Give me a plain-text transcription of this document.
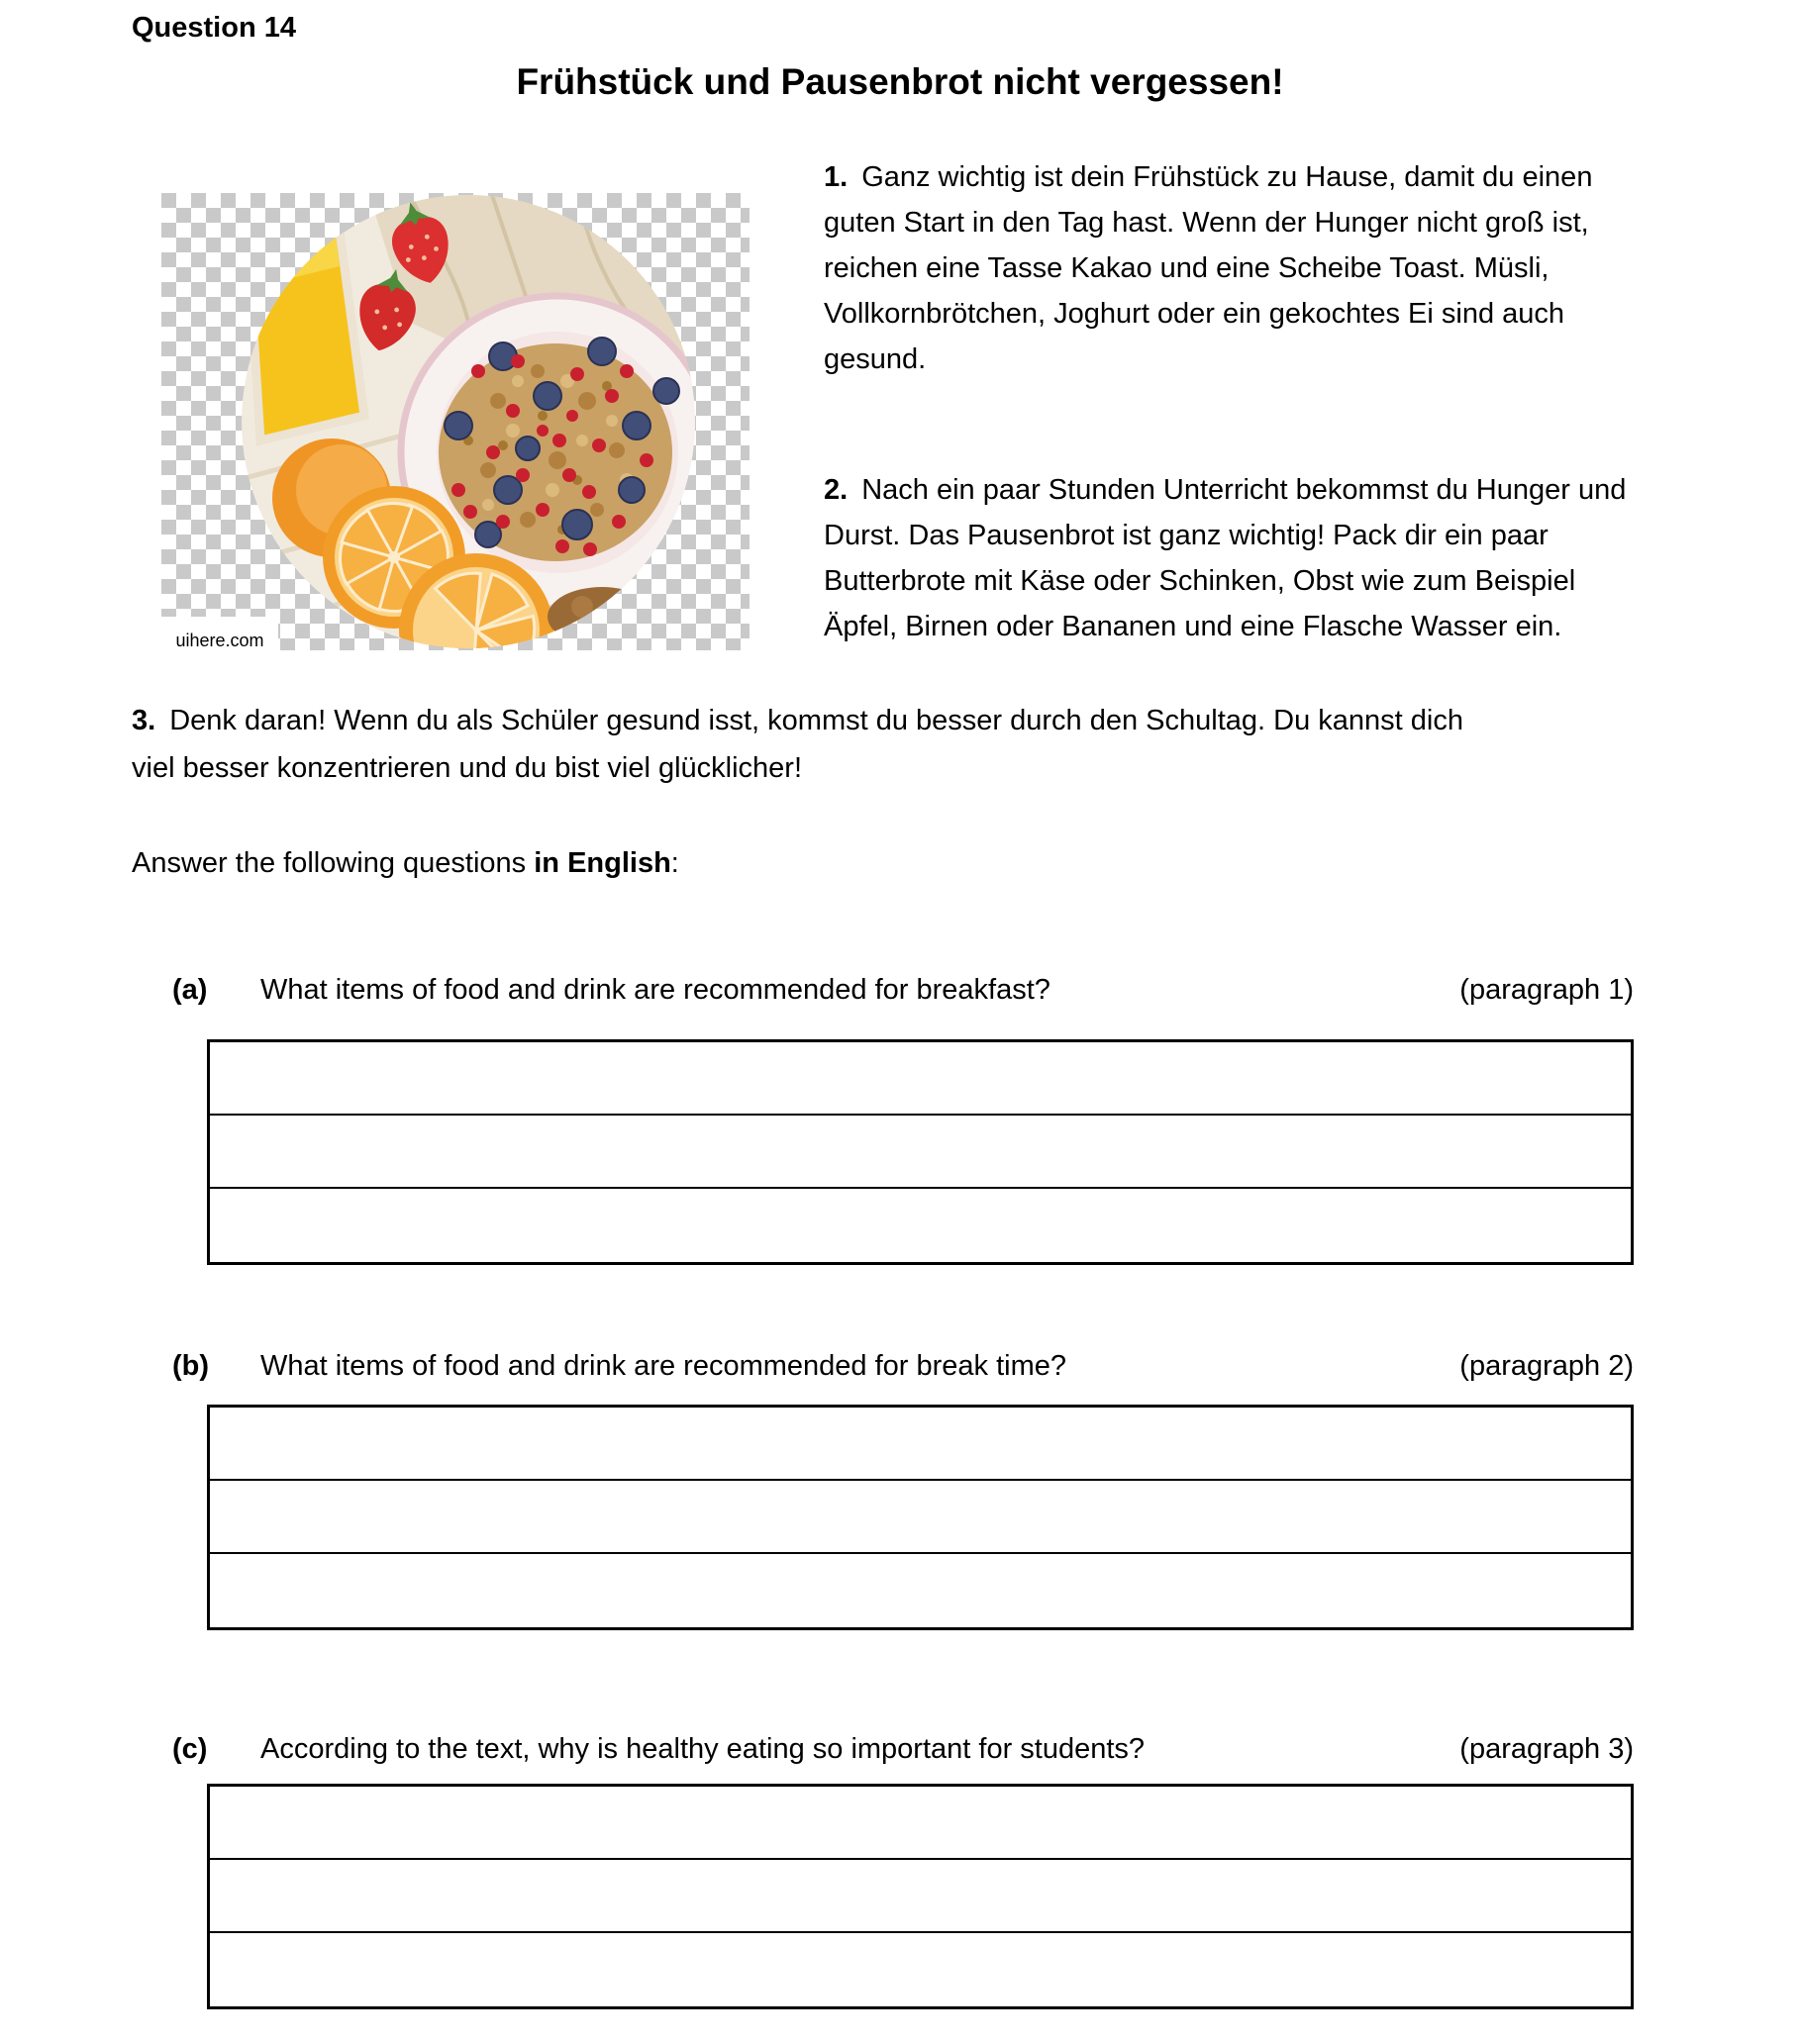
Question 14
Frühstück und Pausenbrot nicht vergessen!
uihere.com
1. Ganz wichtig ist dein Frühstück zu Hause, damit du einen guten Start in den Tag hast. Wenn der Hunger nicht groß ist, reichen eine Tasse Kakao und eine Scheibe Toast. Müsli, Vollkornbrötchen, Joghurt oder ein gekochtes Ei sind auch gesund.
2. Nach ein paar Stunden Unterricht bekommst du Hunger und Durst. Das Pausenbrot ist ganz wichtig! Pack dir ein paar Butterbrote mit Käse oder Schinken, Obst wie zum Beispiel Äpfel, Birnen oder Bananen und eine Flasche Wasser ein.
3. Denk daran! Wenn du als Schüler gesund isst, kommst du besser durch den Schultag. Du kannst dich viel besser konzentrieren und du bist viel glücklicher!
Answer the following questions in English:
(a) What items of food and drink are recommended for breakfast?	(paragraph 1)
(b) What items of food and drink are recommended for break time?	(paragraph 2)
(c) According to the text, why is healthy eating so important for students?	(paragraph 3)
